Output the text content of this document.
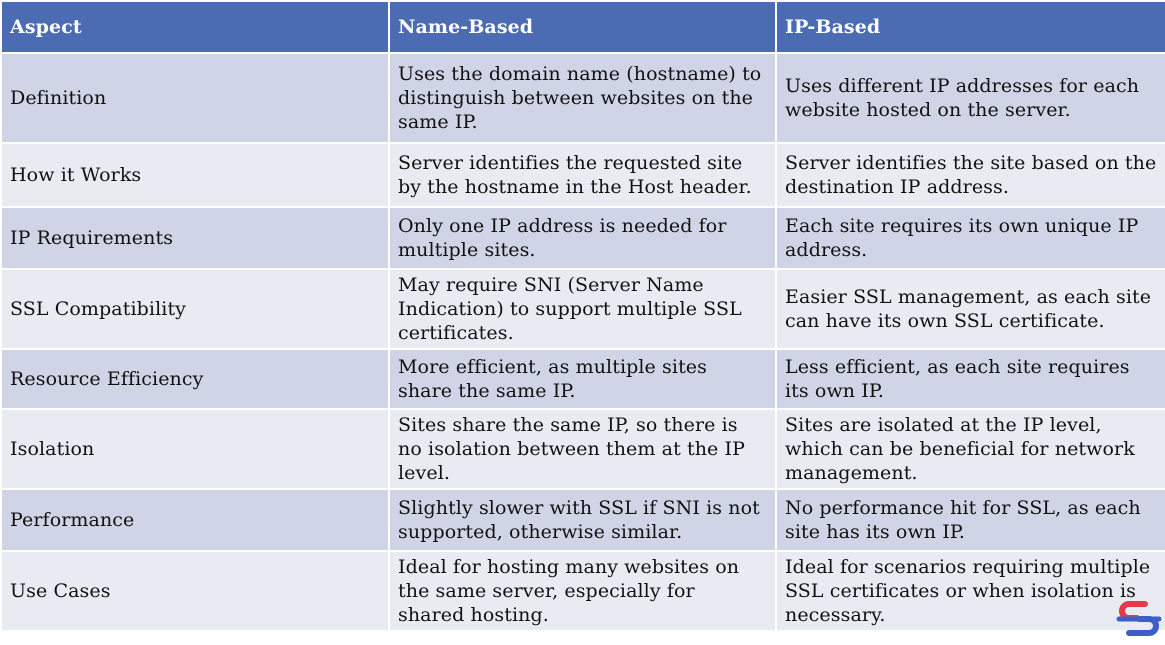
Aspect	Name-Based	IP-Based
Definition	Uses the domain name (hostname) to distinguish between websites on the same IP.	Uses different IP addresses for each website hosted on the server.
How it Works	Server identifies the requested site by the hostname in the Host header.	Server identifies the site based on the destination IP address.
IP Requirements	Only one IP address is needed for multiple sites.	Each site requires its own unique IP address.
SSL Compatibility	May require SNI (Server Name Indication) to support multiple SSL certificates.	Easier SSL management, as each site can have its own SSL certificate.
Resource Efficiency	More efficient, as multiple sites share the same IP.	Less efficient, as each site requires its own IP.
Isolation	Sites share the same IP, so there is no isolation between them at the IP level.	Sites are isolated at the IP level, which can be beneficial for network management.
Performance	Slightly slower with SSL if SNI is not supported, otherwise similar.	No performance hit for SSL, as each site has its own IP.
Use Cases	Ideal for hosting many websites on the same server, especially for shared hosting.	Ideal for scenarios requiring multiple SSL certificates or when isolation is necessary.
